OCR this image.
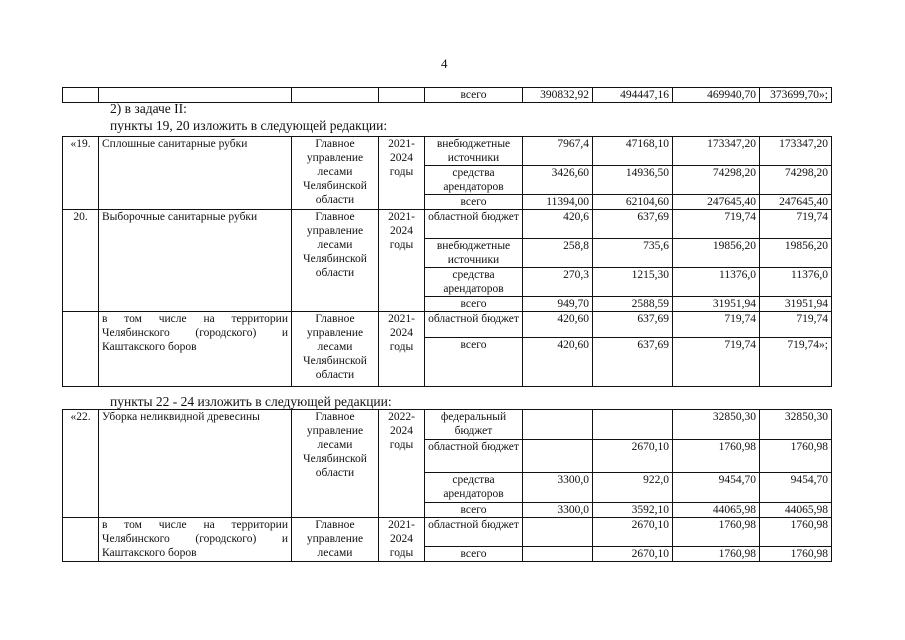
4
				всего	390832,92	494447,16	469940,70	373699,70»;
2) в задаче II:
пункты 19, 20 изложить в следующей редакции:
«19.	Сплошные санитарные рубки	Главное управление лесами Челябинской области	2021-2024 годы	внебюджетные источники	7967,4	47168,10	173347,20	173347,20
				средства арендаторов	3426,60	14936,50	74298,20	74298,20
				всего	11394,00	62104,60	247645,40	247645,40
20.	Выборочные санитарные рубки	Главное управление лесами Челябинской области	2021-2024 годы	областной бюджет	420,6	637,69	719,74	719,74
				внебюджетные источники	258,8	735,6	19856,20	19856,20
				средства арендаторов	270,3	1215,30	11376,0	11376,0
				всего	949,70	2588,59	31951,94	31951,94
	в том числе на территории Челябинского (городского) и Каштакского боров	Главное управление лесами Челябинской области	2021-2024 годы	областной бюджет	420,60	637,69	719,74	719,74
				всего	420,60	637,69	719,74	719,74»;
пункты 22 - 24 изложить в следующей редакции:
«22.	Уборка неликвидной древесины	Главное управление лесами Челябинской области	2022-2024 годы	федеральный бюджет			32850,30	32850,30
				областной бюджет		2670,10	1760,98	1760,98
				средства арендаторов	3300,0	922,0	9454,70	9454,70
				всего	3300,0	3592,10	44065,98	44065,98
	в том числе на территории Челябинского (городского) и Каштакского боров	Главное управление лесами	2021-2024 годы	областной бюджет		2670,10	1760,98	1760,98
				всего		2670,10	1760,98	1760,98
